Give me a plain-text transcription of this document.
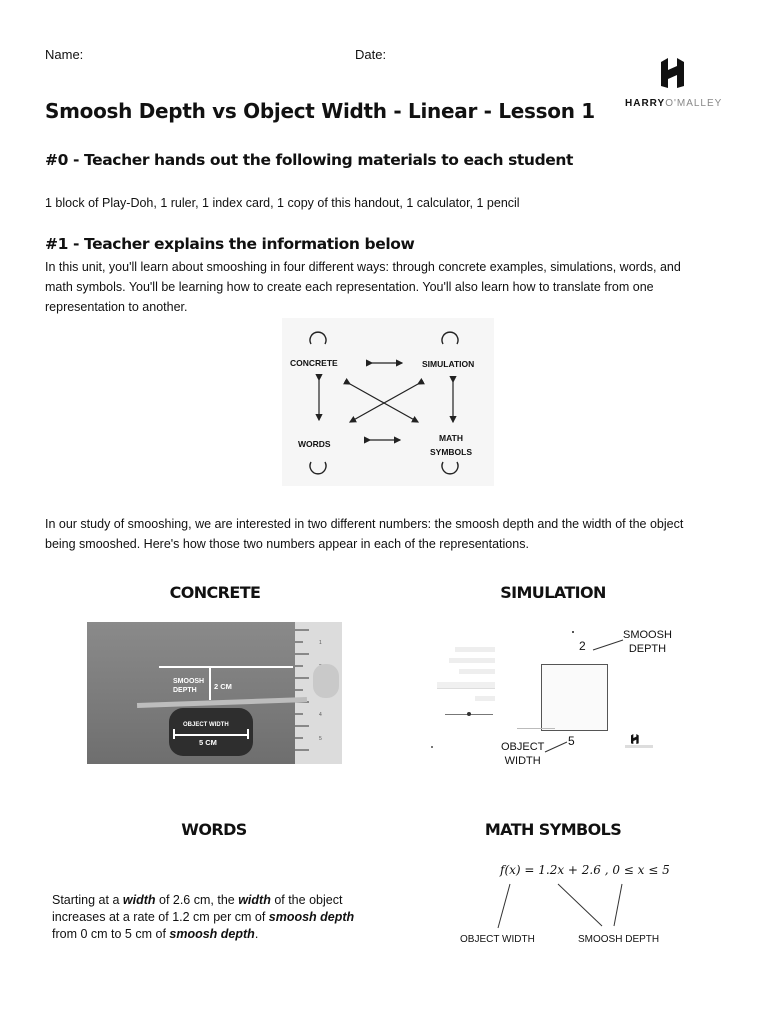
Name:	Date:
HARRYO'MALLEY
Smoosh Depth vs Object Width - Linear - Lesson 1
#0 - Teacher hands out the following materials to each student
1 block of Play-Doh, 1 ruler, 1 index card, 1 copy of this handout, 1 calculator, 1 pencil
#1 - Teacher explains the information below
In this unit, you'll learn about smooshing in four different ways: through concrete examples, simulations, words, and
math symbols. You'll be learning how to create each representation. You'll also learn how to translate from one
representation to another.
CONCRETE	SIMULATION
WORDS
MATH
SYMBOLS
In our study of smooshing, we are interested in two different numbers: the smoosh depth and the width of the object
being smooshed. Here's how those two numbers appear in each of the representations.
CONCRETE
1
4
5
SMOOSH
DEPTH	2 CM
OBJECT WIDTH
5 CM
SIMULATION
2
SMOOSH
DEPTH
5
OBJECT
WIDTH
WORDS
Starting at a width of 2.6 cm, the width of the object
increases at a rate of 1.2 cm per cm of smoosh depth
from 0 cm to 5 cm of smoosh depth.
MATH SYMBOLS
f(x) = 1.2x + 2.6 , 0 ≤ x ≤ 5
OBJECT WIDTH	SMOOSH DEPTH
